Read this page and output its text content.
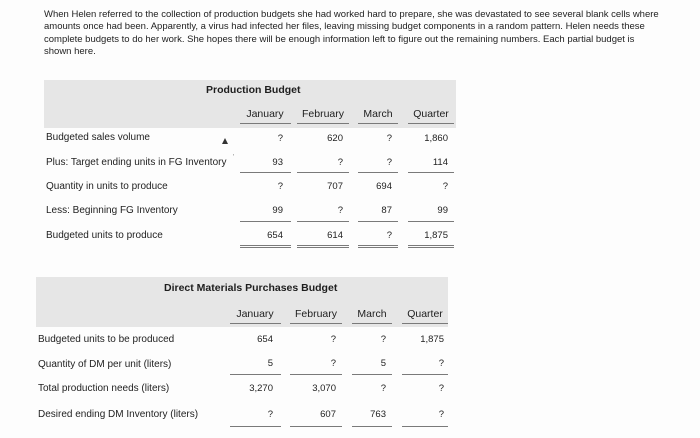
When Helen referred to the collection of production budgets she had worked hard to prepare, she was devastated to see several blank cells where amounts once had been. Apparently, a virus had infected her files, leaving missing budget components in a random pattern. Helen needs these complete budgets to do her work. She hopes there will be enough information left to figure out the remaining numbers. Each partial budget is shown here.
Production Budget
January	February	March	Quarter
Budgeted sales volume	?	620	?	1,860
Plus: Target ending units in FG Inventory '	93	?	?	114
Quantity in units to produce	?	707	694	?
Less: Beginning FG Inventory	99	?	87	99
Budgeted units to produce	654	614	?	1,875
Direct Materials Purchases Budget
January	February	March	Quarter
Budgeted units to be produced	654	?	?	1,875
Quantity of DM per unit (liters)	5	?	5	?
Total production needs (liters)	3,270	3,070	?	?
Desired ending DM Inventory (liters)	?	607	763	?
